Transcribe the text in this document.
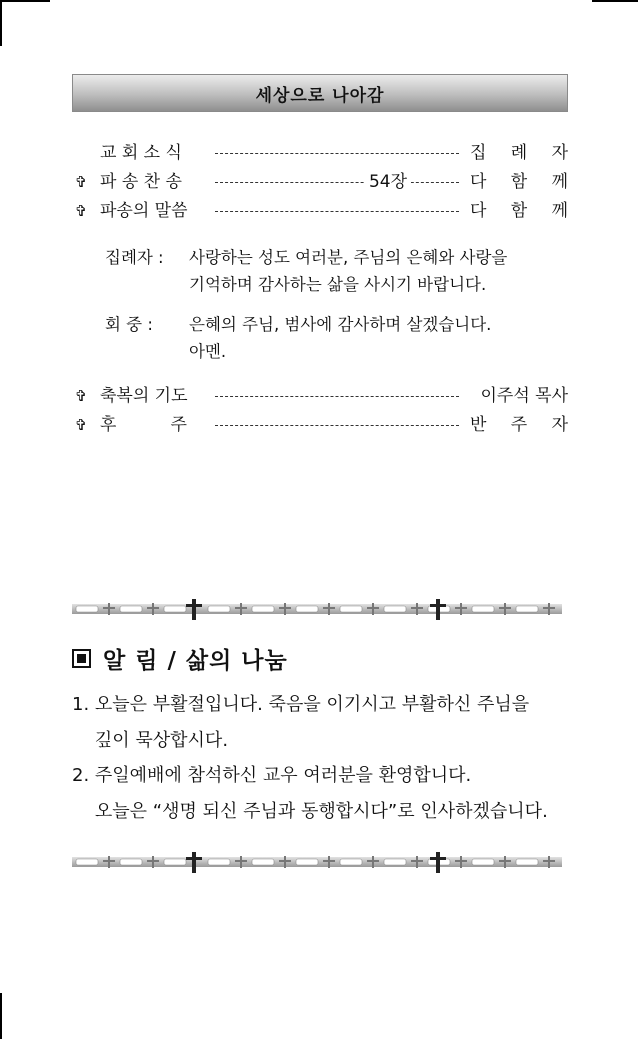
세상으로 나아감
교 회 소 식	집 례 자
✞ 파 송 찬 송	54장	다 함 께
✞ 파송의 말씀	다 함 께
집례자 : 사랑하는 성도 여러분, 주님의 은혜와 사랑을
기억하며 감사하는 삶을 사시기 바랍니다.
회 중 : 은혜의 주님, 범사에 감사하며 살겠습니다.
아멘.
✞ 축복의 기도	이주석 목사
✞ 후          주	반 주 자
알 림 / 삶의 나눔
1. 오늘은 부활절입니다. 죽음을 이기시고 부활하신 주님을
깊이 묵상합시다.
2. 주일예배에 참석하신 교우 여러분을 환영합니다.
오늘은 “생명 되신 주님과 동행합시다”로 인사하겠습니다.
